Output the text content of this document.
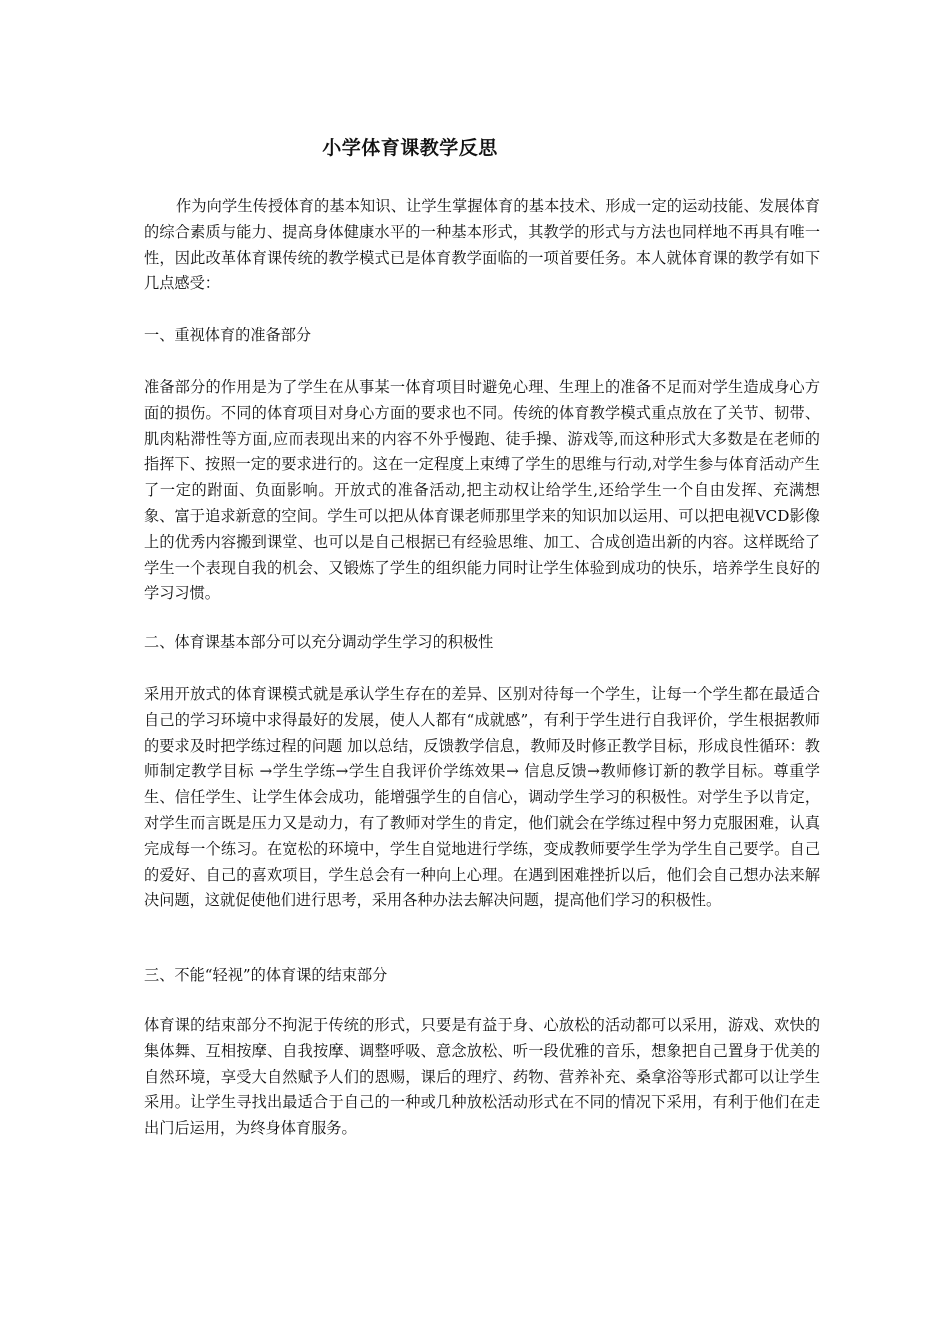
小学体育课教学反思
作为向学生传授体育的基本知识、让学生掌握体育的基本技术、形成一定的运动技能、发展体育的综合素质与能力、提高身体健康水平的一种基本形式，其教学的形式与方法也同样地不再具有唯一性，因此改革体育课传统的教学模式已是体育教学面临的一项首要任务。本人就体育课的教学有如下几点感受：
一、重视体育的准备部分
准备部分的作用是为了学生在从事某一体育项目时避免心理、生理上的准备不足而对学生造成身心方面的损伤。不同的体育项目对身心方面的要求也不同。传统的体育教学模式重点放在了关节、韧带、肌肉粘滞性等方面,应而表现出来的内容不外乎慢跑、徒手操、游戏等,而这种形式大多数是在老师的指挥下、按照一定的要求进行的。这在一定程度上束缚了学生的思维与行动,对学生参与体育活动产生了一定的跗面、负面影响。开放式的准备活动,把主动权让给学生,还给学生一个自由发挥、充满想象、富于追求新意的空间。学生可以把从体育课老师那里学来的知识加以运用、可以把电视VCD影像上的优秀内容搬到课堂、也可以是自己根据已有经验思维、加工、合成创造出新的内容。这样既给了学生一个表现自我的机会、又锻炼了学生的组织能力同时让学生体验到成功的快乐，培养学生良好的学习习惯。
二、体育课基本部分可以充分调动学生学习的积极性
采用开放式的体育课模式就是承认学生存在的差异、区别对待每一个学生，让每一个学生都在最适合自己的学习环境中求得最好的发展，使人人都有“成就感”，有利于学生进行自我评价，学生根据教师的要求及时把学练过程的问题 加以总结，反馈教学信息，教师及时修正教学目标，形成良性循环：教师制定教学目标 →学生学练→学生自我评价学练效果→ 信息反馈→教师修订新的教学目标。尊重学生、信任学生、让学生体会成功，能增强学生的自信心，调动学生学习的积极性。对学生予以肯定，对学生而言既是压力又是动力，有了教师对学生的肯定，他们就会在学练过程中努力克服困难，认真完成每一个练习。在宽松的环境中，学生自觉地进行学练，变成教师要学生学为学生自己要学。自己的爱好、自己的喜欢项目，学生总会有一种向上心理。在遇到困难挫折以后，他们会自己想办法来解决问题，这就促使他们进行思考，采用各种办法去解决问题，提高他们学习的积极性。
三、不能“轻视”的体育课的结束部分
体育课的结束部分不拘泥于传统的形式，只要是有益于身、心放松的活动都可以采用，游戏、欢快的集体舞、互相按摩、自我按摩、调整呼吸、意念放松、听一段优雅的音乐，想象把自己置身于优美的自然环境，享受大自然赋予人们的恩赐，课后的理疗、药物、营养补充、桑拿浴等形式都可以让学生采用。让学生寻找出最适合于自己的一种或几种放松活动形式在不同的情况下采用，有利于他们在走出门后运用，为终身体育服务。
